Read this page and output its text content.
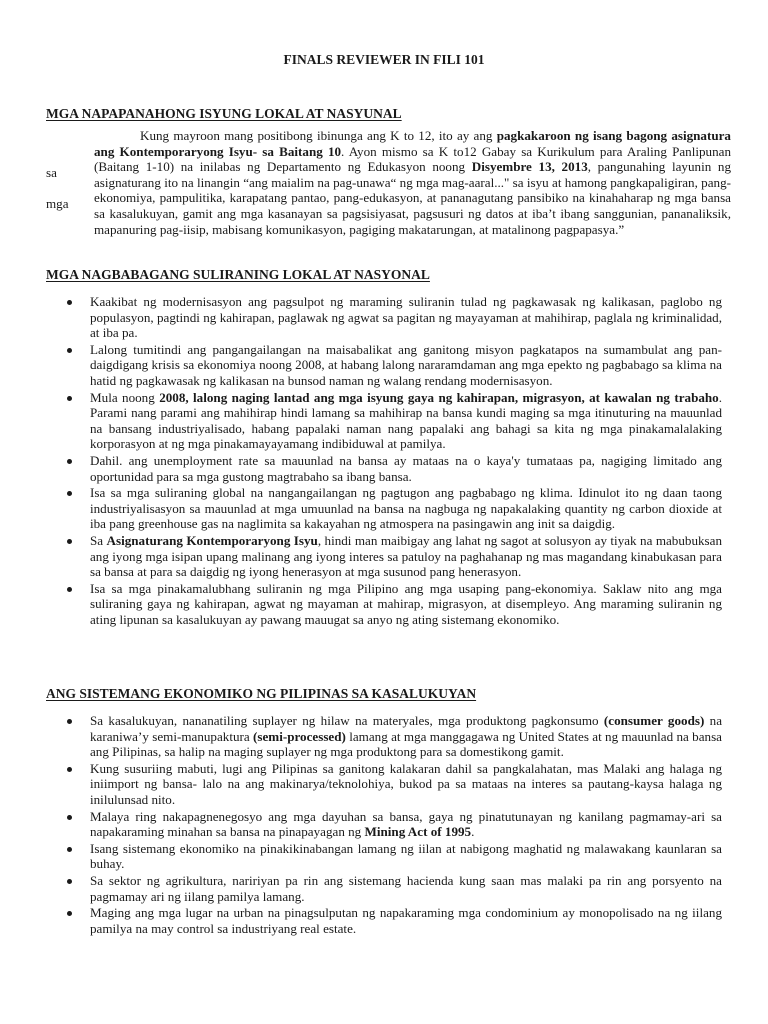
FINALS REVIEWER IN FILI 101
MGA NAPAPANAHONG ISYUNG LOKAL AT NASYUNAL
sa
mga
Kung mayroon mang positibong ibinunga ang K to 12, ito ay ang pagkakaroon ng isang bagong asignatura ang Kontemporaryong Isyu- sa Baitang 10. Ayon mismo sa K to12 Gabay sa Kurikulum para Araling Panlipunan (Baitang 1-10) na inilabas ng Departamento ng Edukasyon noong Disyembre 13, 2013, pangunahing layunin ng asignaturang ito na linangin “ang maialim na pag-unawa“ ng mga mag-aaral..." sa isyu at hamong pangkapaligiran, pang-ekonomiya, pampulitika, karapatang pantao, pang-edukasyon, at pananagutang pansibiko na kinahaharap ng mga bansa sa kasalukuyan, gamit ang mga kasanayan sa pagsisiyasat, pagsusuri ng datos at iba’t ibang sanggunian, pananaliksik, mapanuring pag-iisip, mabisang komunikasyon, pagiging makatarungan, at matalinong pagpapasya.”
MGA NAGBABAGANG SULIRANING LOKAL AT NASYONAL
Kaakibat ng modernisasyon ang pagsulpot ng maraming suliranin tulad ng pagkawasak ng kalikasan, paglobo ng populasyon, pagtindi ng kahirapan, paglawak ng agwat sa pagitan ng mayayaman at mahihirap, paglala ng kriminalidad, at iba pa.
Lalong tumitindi ang pangangailangan na maisabalikat ang ganitong misyon pagkatapos na sumambulat ang pan-daigdigang krisis sa ekonomiya noong 2008, at habang lalong nararamdaman ang mga epekto ng pagbabago sa klima na hatid ng pagkawasak ng kalikasan na bunsod naman ng walang rendang modernisasyon.
Mula noong 2008, lalong naging lantad ang mga isyung gaya ng kahirapan, migrasyon, at kawalan ng trabaho. Parami nang parami ang mahihirap hindi lamang sa mahihirap na bansa kundi maging sa mga itinuturing na mauunlad na bansang industriyalisado, habang papalaki naman nang papalaki ang bahagi sa kita ng mga pinakamalalaking korporasyon at ng mga pinakamayayamang indibiduwal at pamilya.
Dahil. ang unemployment rate sa mauunlad na bansa ay mataas na o kaya'y tumataas pa, nagiging limitado ang oportunidad para sa mga gustong magtrabaho sa ibang bansa.
Isa sa mga suliraning global na nangangailangan ng pagtugon ang pagbabago ng klima. Idinulot ito ng daan taong industriyalisasyon sa mauunlad at mga umuunlad na bansa na nagbuga ng napakalaking quantity ng carbon dioxide at iba pang greenhouse gas na naglimita sa kakayahan ng atmospera na pasingawin ang init sa daigdig.
Sa Asignaturang Kontemporaryong Isyu, hindi man maibigay ang lahat ng sagot at solusyon ay tiyak na mabubuksan ang iyong mga isipan upang malinang ang iyong interes sa patuloy na paghahanap ng mas magandang kinabukasan para sa bansa at para sa daigdig ng iyong henerasyon at mga susunod pang henerasyon.
Isa sa mga pinakamalubhang suliranin ng mga Pilipino ang mga usaping pang-ekonomiya. Saklaw nito ang mga suliraning gaya ng kahirapan, agwat ng mayaman at mahirap, migrasyon, at disempleyo. Ang maraming suliranin ng ating lipunan sa kasalukuyan ay pawang mauugat sa anyo ng ating sistemang ekonomiko.
ANG SISTEMANG EKONOMIKO NG PILIPINAS SA KASALUKUYAN
Sa kasalukuyan, nananatiling suplayer ng hilaw na materyales, mga produktong pagkonsumo (consumer goods) na karaniwa’y semi-manupaktura (semi-processed) lamang at mga manggagawa ng United States at ng mauunlad na bansa ang Pilipinas, sa halip na maging suplayer ng mga produktong para sa domestikong gamit.
Kung susuriing mabuti, lugi ang Pilipinas sa ganitong kalakaran dahil sa pangkalahatan, mas Malaki ang halaga ng iniimport ng bansa- lalo na ang makinarya/teknolohiya, bukod pa sa mataas na interes sa pautang-kaysa halaga ng inilulunsad nito.
Malaya ring nakapagnenegosyo ang mga dayuhan sa bansa, gaya ng pinatutunayan ng kanilang pagmamay-ari sa napakaraming minahan sa bansa na pinapayagan ng Mining Act of 1995.
Isang sistemang ekonomiko na pinakikinabangan lamang ng iilan at nabigong maghatid ng malawakang kaunlaran sa buhay.
Sa sektor ng agrikultura, naririyan pa rin ang sistemang hacienda kung saan mas malaki pa rin ang porsyento na pagmamay ari ng iilang pamilya lamang.
Maging ang mga lugar na urban na pinagsulputan ng napakaraming mga condominium ay monopolisado na ng iilang pamilya na may control sa industriyang real estate.
